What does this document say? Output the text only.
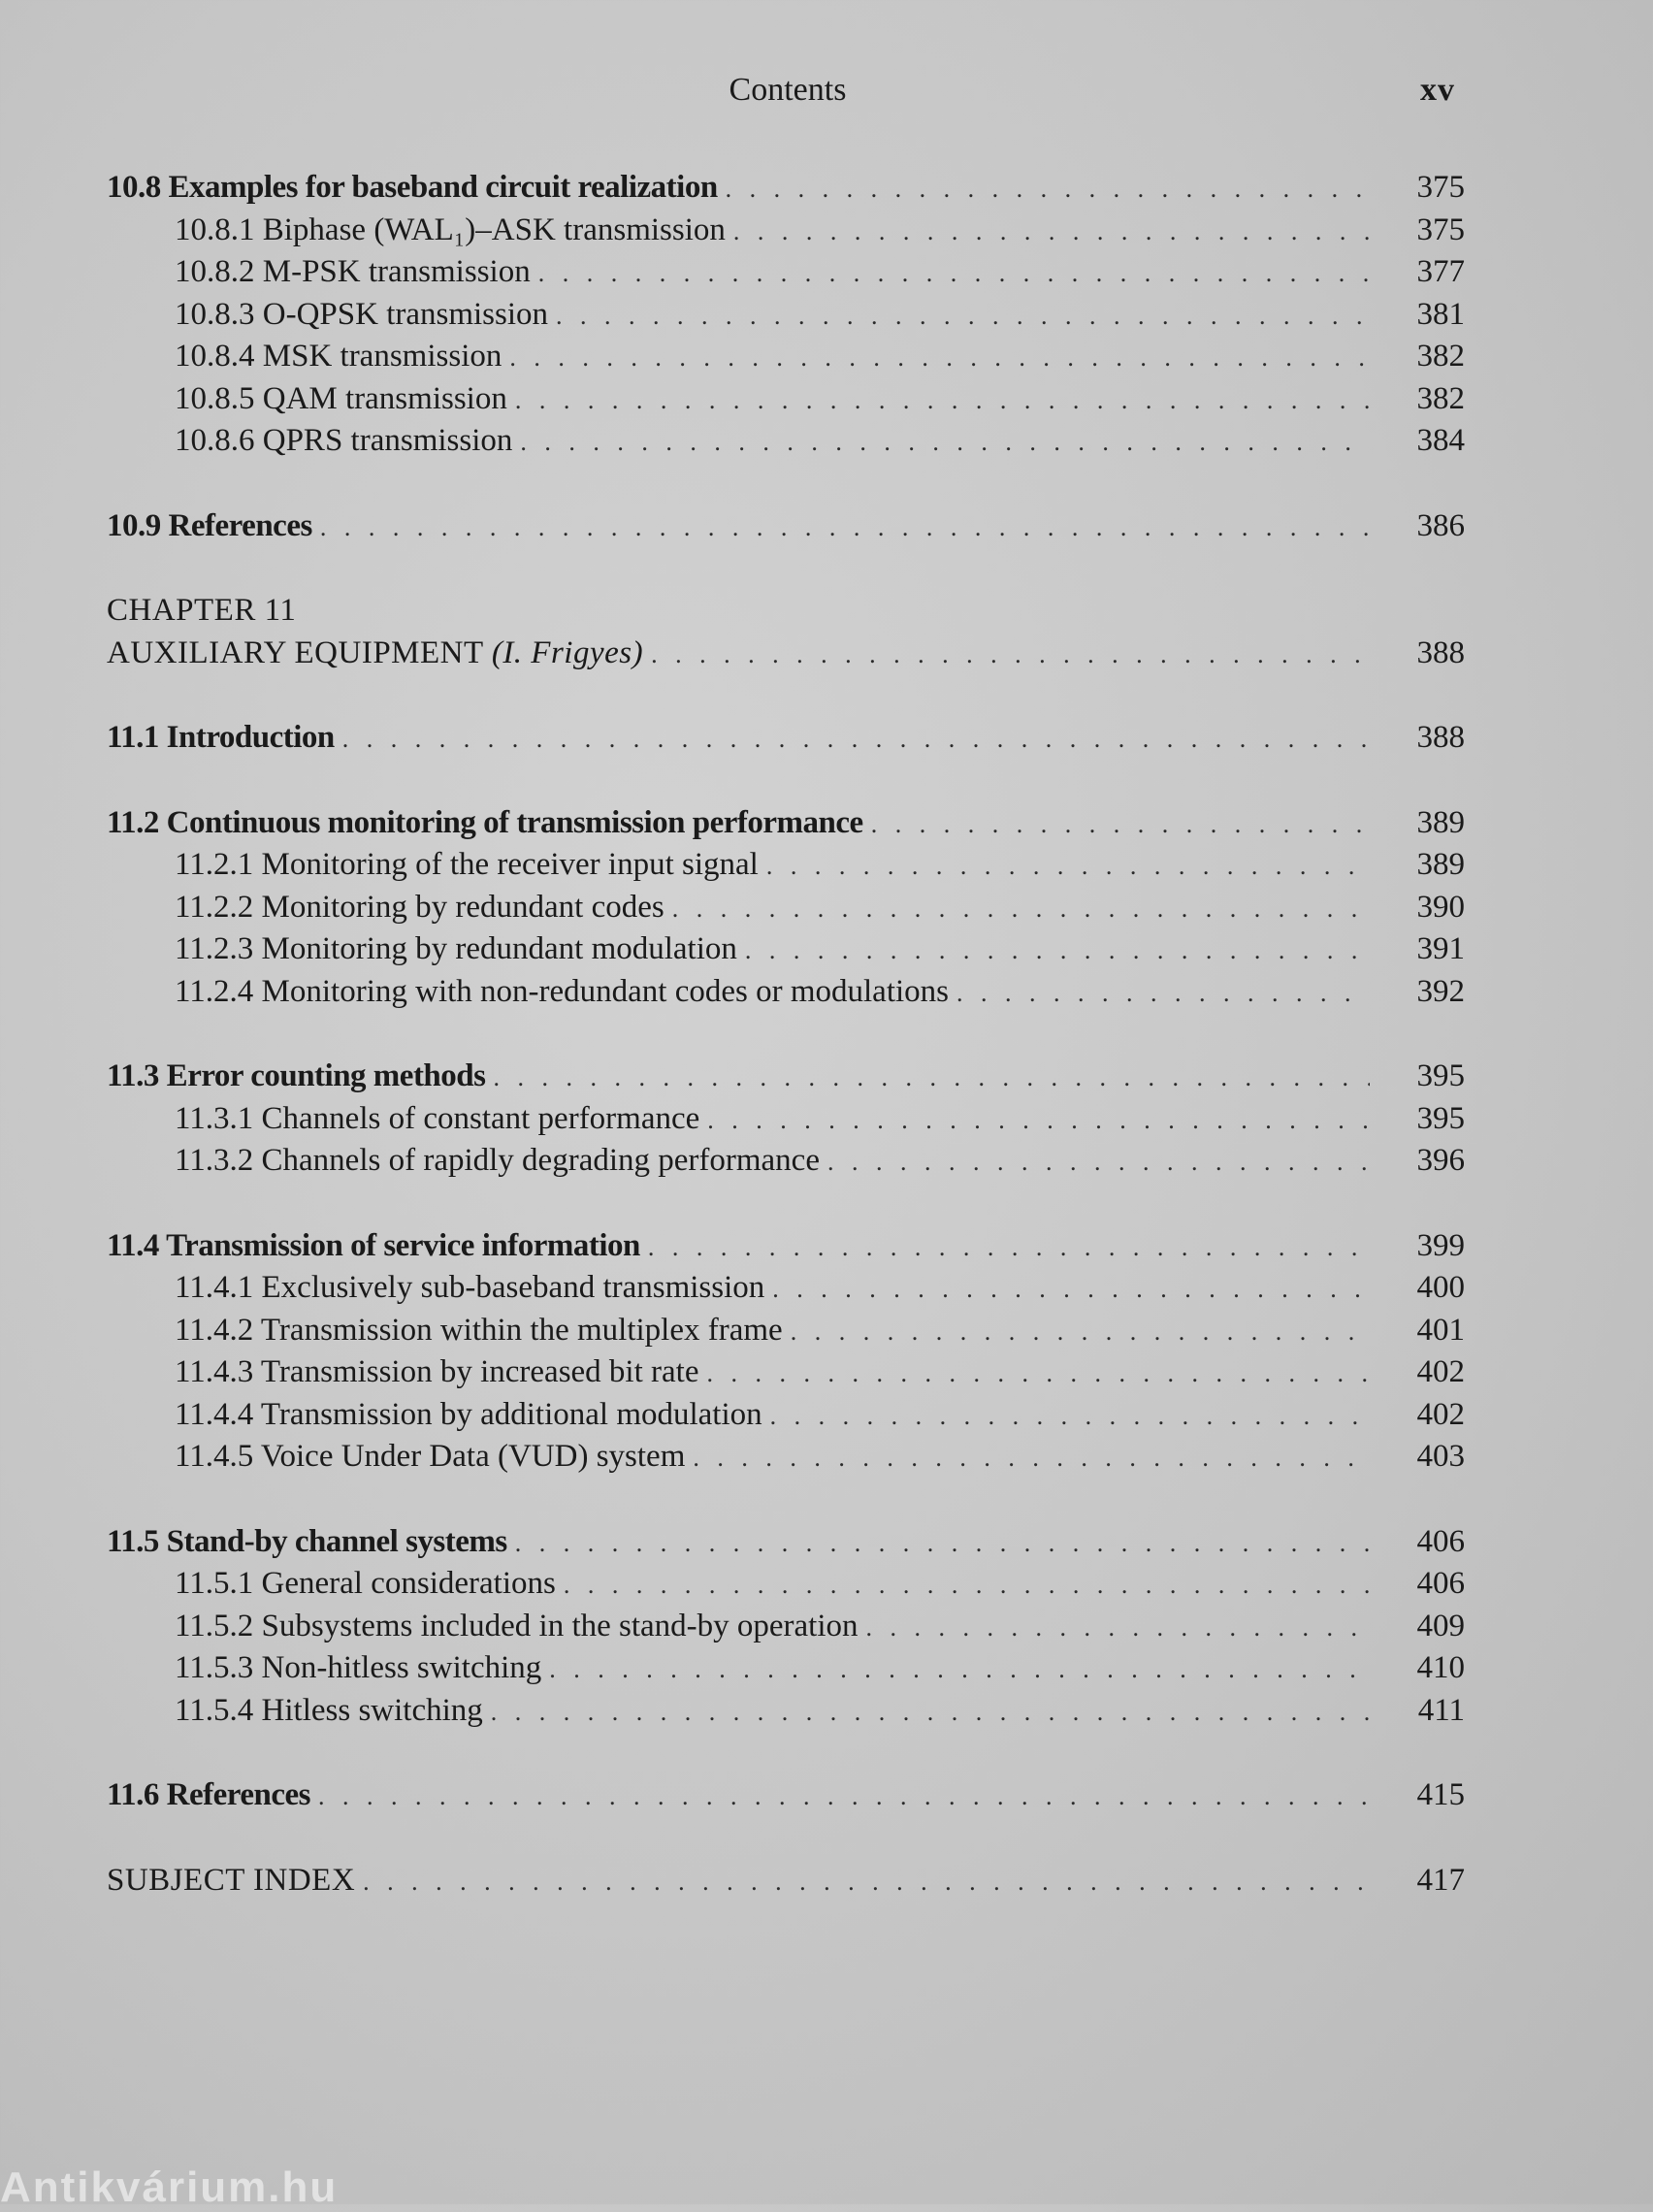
Contents	xv
10.8 Examples for baseband circuit realization . . .	375
10.8.1 Biphase (WAL₁)–ASK transmission . . .	375
10.8.2 M-PSK transmission . . .	377
10.8.3 O-QPSK transmission . . .	381
10.8.4 MSK transmission . . .	382
10.8.5 QAM transmission . . .	382
10.8.6 QPRS transmission . . .	384
10.9 References . . .	386
CHAPTER 11
AUXILIARY EQUIPMENT (I. Frigyes) . . .	388
11.1 Introduction . . .	388
11.2 Continuous monitoring of transmission performance . . .	389
11.2.1 Monitoring of the receiver input signal . . .	389
11.2.2 Monitoring by redundant codes . . .	390
11.2.3 Monitoring by redundant modulation . . .	391
11.2.4 Monitoring with non-redundant codes or modulations . . .	392
11.3 Error counting methods . . .	395
11.3.1 Channels of constant performance . . .	395
11.3.2 Channels of rapidly degrading performance . . .	396
11.4 Transmission of service information . . .	399
11.4.1 Exclusively sub-baseband transmission . . .	400
11.4.2 Transmission within the multiplex frame . . .	401
11.4.3 Transmission by increased bit rate . . .	402
11.4.4 Transmission by additional modulation . . .	402
11.4.5 Voice Under Data (VUD) system . . .	403
11.5 Stand-by channel systems . . .	406
11.5.1 General considerations . . .	406
11.5.2 Subsystems included in the stand-by operation . . .	409
11.5.3 Non-hitless switching . . .	410
11.5.4 Hitless switching . . .	411
11.6 References . . .	415
SUBJECT INDEX . . .	417
Antikvárium.hu
